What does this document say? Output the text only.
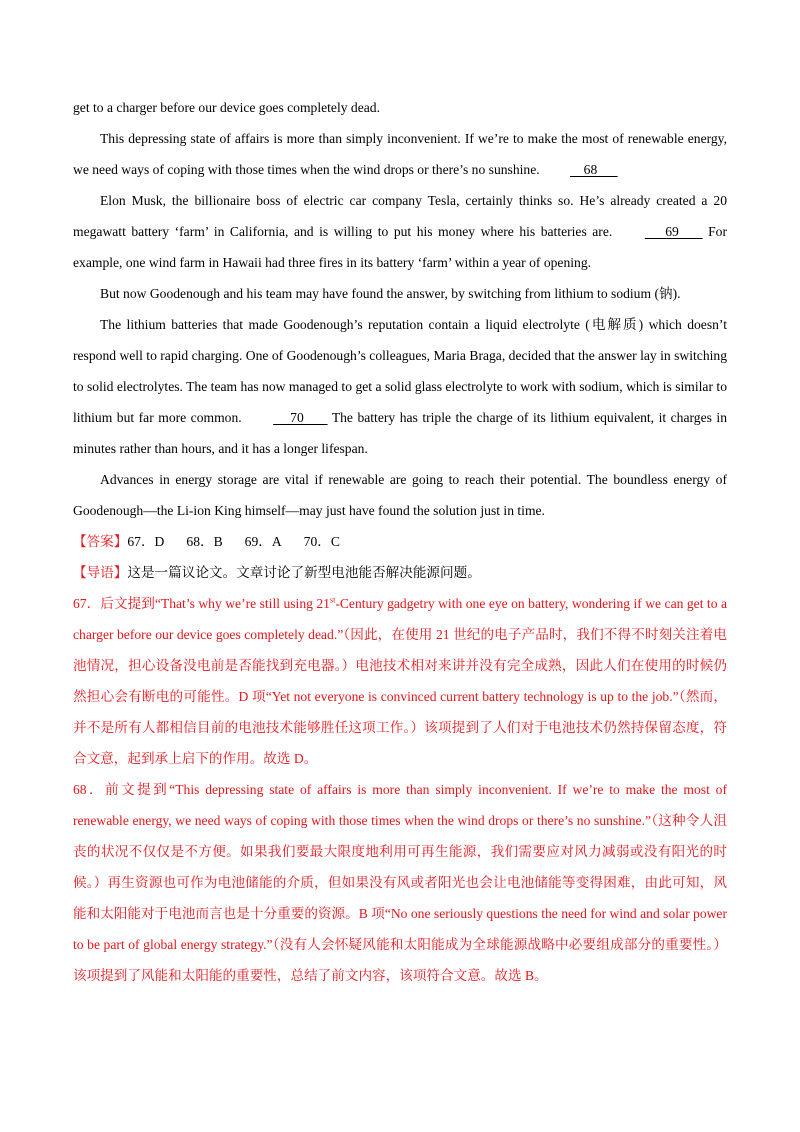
get to a charger before our device goes completely dead.

This depressing state of affairs is more than simply inconvenient. If we’re to make the most of renewable energy, we need ways of coping with those times when the wind drops or there’s no sunshine.     68

Elon Musk, the billionaire boss of electric car company Tesla, certainly thinks so. He’s already created a 20 megawatt battery ‘farm’ in California, and is willing to put his money where his batteries are.       69        For example, one wind farm in Hawaii had three fires in its battery ‘farm’ within a year of opening.

But now Goodenough and his team may have found the answer, by switching from lithium to sodium (钠).

The lithium batteries that made Goodenough’s reputation contain a liquid electrolyte (电解质) which doesn’t respond well to rapid charging. One of Goodenough’s colleagues, Maria Braga, decided that the answer lay in switching to solid electrolytes. The team has now managed to get a solid glass electrolyte to work with sodium, which is similar to lithium but far more common.      70        The battery has triple the charge of its lithium equivalent, it charges in minutes rather than hours, and it has a longer lifespan.

Advances in energy storage are vital if renewable are going to reach their potential. The boundless energy of Goodenough—the Li-ion King himself—may just have found the solution just in time.

【答案】67．D 68．B 69．A 70．C

【导语】这是一篇议论文。文章讨论了新型电池能否解决能源问题。

67．后文提到“That’s why we’re still using 21st-Century gadgetry with one eye on battery, wondering if we can get to a charger before our device goes completely dead.”（因此，在使用 21 世纪的电子产品时，我们不得不时刻关注着电池情况，担心设备没电前是否能找到充电器。）电池技术相对来讲并没有完全成熟，因此人们在使用的时候仍然担心会有断电的可能性。D 项“Yet not everyone is convinced current battery technology is up to the job.”（然而，并不是所有人都相信目前的电池技术能够胜任这项工作。）该项提到了人们对于电池技术仍然持保留态度，符合文意，起到承上启下的作用。故选 D。

68．前文提到“This depressing state of affairs is more than simply inconvenient. If we’re to make the most of renewable energy, we need ways of coping with those times when the wind drops or there’s no sunshine.”（这种令人沮丧的状况不仅仅是不方便。如果我们要最大限度地利用可再生能源，我们需要应对风力减弱或没有阳光的时候。）再生资源也可作为电池储能的介质，但如果没有风或者阳光也会让电池储能等变得困难，由此可知，风能和太阳能对于电池而言也是十分重要的资源。B 项“No one seriously questions the need for wind and solar power to be part of global energy strategy.”（没有人会怀疑风能和太阳能成为全球能源战略中必要组成部分的重要性。）该项提到了风能和太阳能的重要性，总结了前文内容，该项符合文意。故选 B。
